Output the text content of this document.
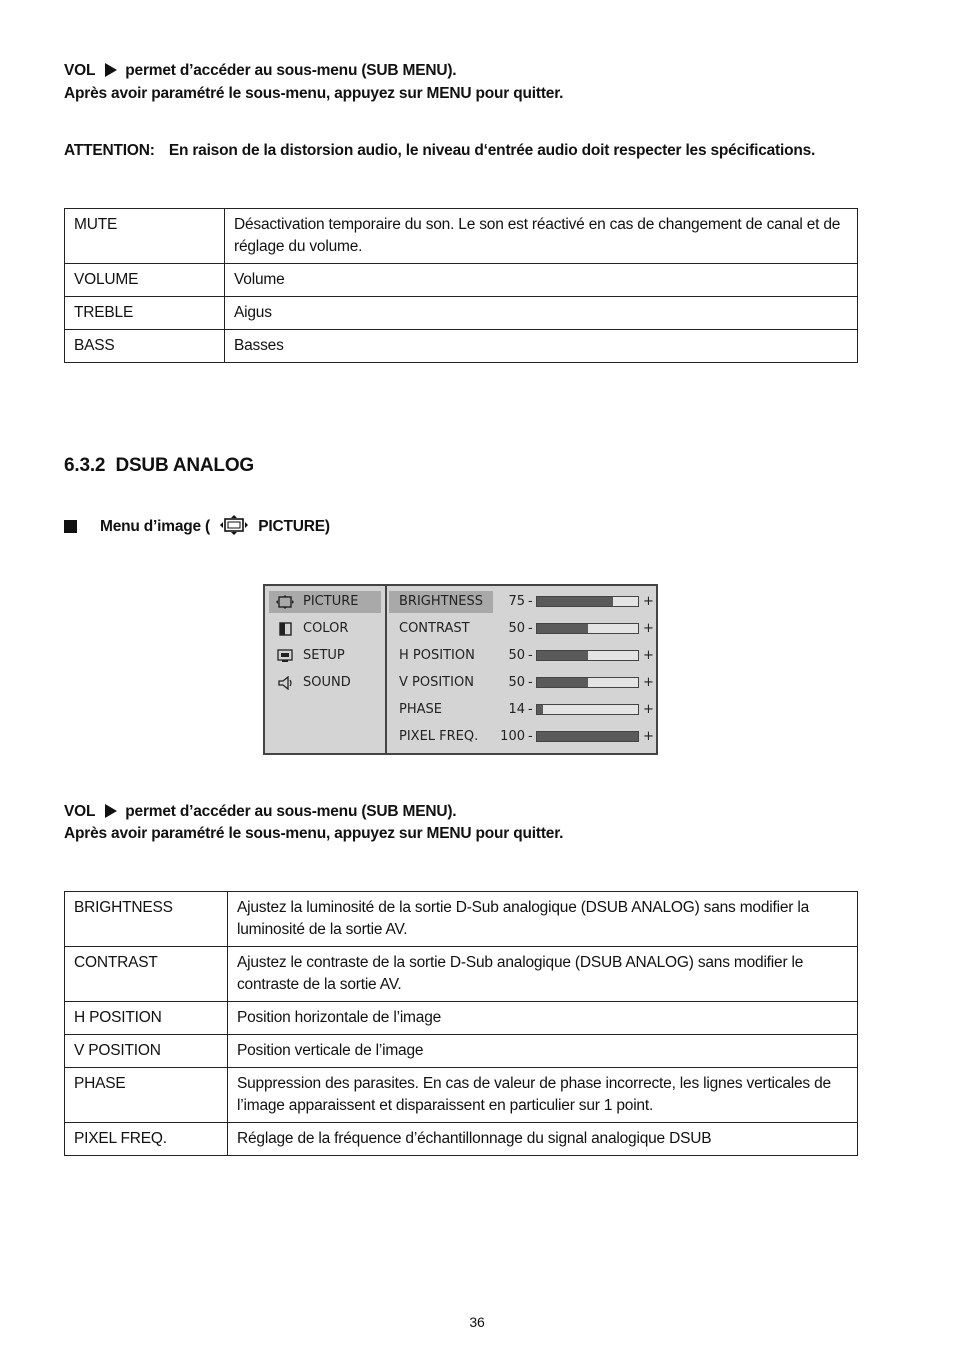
VOL permet d’accéder au sous-menu (SUB MENU).
Après avoir paramétré le sous-menu, appuyez sur MENU pour quitter.
ATTENTION: En raison de la distorsion audio, le niveau d‘entrée audio doit respecter les spécifications.
MUTE	Désactivation temporaire du son. Le son est réactivé en cas de changement de canal et de
réglage du volume.

VOLUME	Volume
TREBLE	Aigus
BASS	Basses
6.3.2 DSUB ANALOG
Menu d’image (	PICTURE)
PICTURE
COLOR
SETUP
SOUND
BRIGHTNESS	75 -	+
CONTRAST	50 -	+
H POSITION	50 -	+
V POSITION	50 -	+
PHASE	14 -	+
PIXEL FREQ.	100 -	+
VOL permet d’accéder au sous-menu (SUB MENU).
Après avoir paramétré le sous-menu, appuyez sur MENU pour quitter.
BRIGHTNESS	Ajustez la luminosité de la sortie D-Sub analogique (DSUB ANALOG) sans modifier la
luminosité de la sortie AV.

CONTRAST	Ajustez le contraste de la sortie D-Sub analogique (DSUB ANALOG) sans modifier le
contraste de la sortie AV.

H POSITION	Position horizontale de l’image
V POSITION	Position verticale de l’image
PHASE	Suppression des parasites. En cas de valeur de phase incorrecte, les lignes verticales de
l’image apparaissent et disparaissent en particulier sur 1 point.

PIXEL FREQ.	Réglage de la fréquence d’échantillonnage du signal analogique DSUB
36
